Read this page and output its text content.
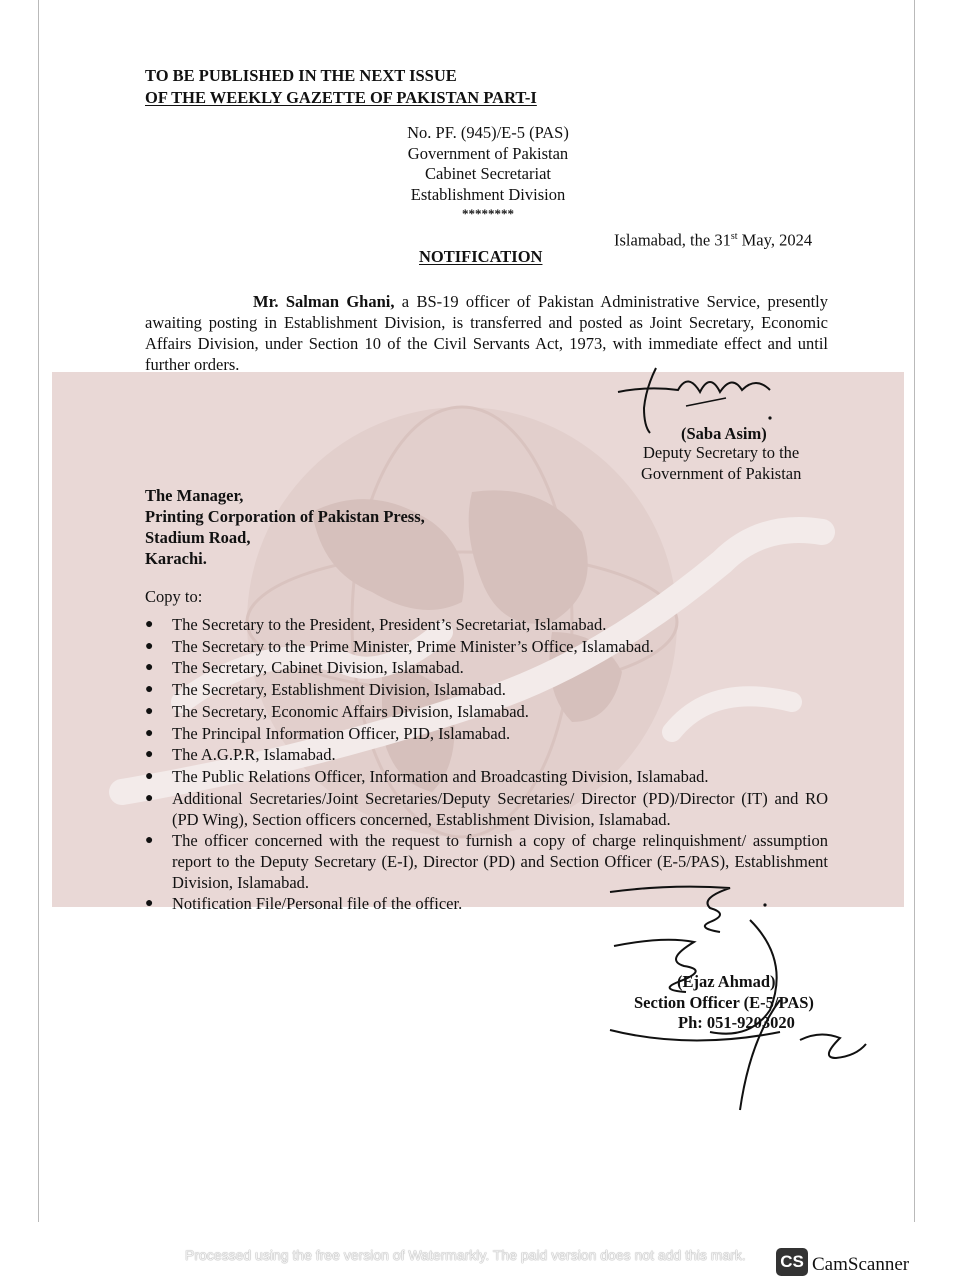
TO BE PUBLISHED IN THE NEXT ISSUE
OF THE WEEKLY GAZETTE OF PAKISTAN PART-I
No. PF. (945)/E-5 (PAS)
Government of Pakistan
Cabinet Secretariat
Establishment Division
********
Islamabad, the 31st May, 2024
NOTIFICATION
Mr. Salman Ghani, a BS-19 officer of Pakistan Administrative Service, presently awaiting posting in Establishment Division, is transferred and posted as Joint Secretary, Economic Affairs Division, under Section 10 of the Civil Servants Act, 1973, with immediate effect and until further orders.
(Saba Asim)
Deputy Secretary to the
Government of Pakistan
The Manager,
Printing Corporation of Pakistan Press,
Stadium Road,
Karachi.
Copy to:
● The Secretary to the President, President’s Secretariat, Islamabad.
● The Secretary to the Prime Minister, Prime Minister’s Office, Islamabad.
● The Secretary, Cabinet Division, Islamabad.
● The Secretary, Establishment Division, Islamabad.
● The Secretary, Economic Affairs Division, Islamabad.
● The Principal Information Officer, PID, Islamabad.
● The A.G.P.R, Islamabad.
● The Public Relations Officer, Information and Broadcasting Division, Islamabad.
● Additional Secretaries/Joint Secretaries/Deputy Secretaries/ Director (PD)/Director (IT) and RO (PD Wing), Section officers concerned, Establishment Division, Islamabad.
● The officer concerned with the request to furnish a copy of charge relinquishment/ assumption report to the Deputy Secretary (E-I), Director (PD) and Section Officer (E-5/PAS), Establishment Division, Islamabad.
● Notification File/Personal file of the officer.
(Ejaz Ahmad)
Section Officer (E-5/PAS)
Ph: 051-9203020
Processed using the free version of Watermarkly. The paid version does not add this mark. CS CamScanner
